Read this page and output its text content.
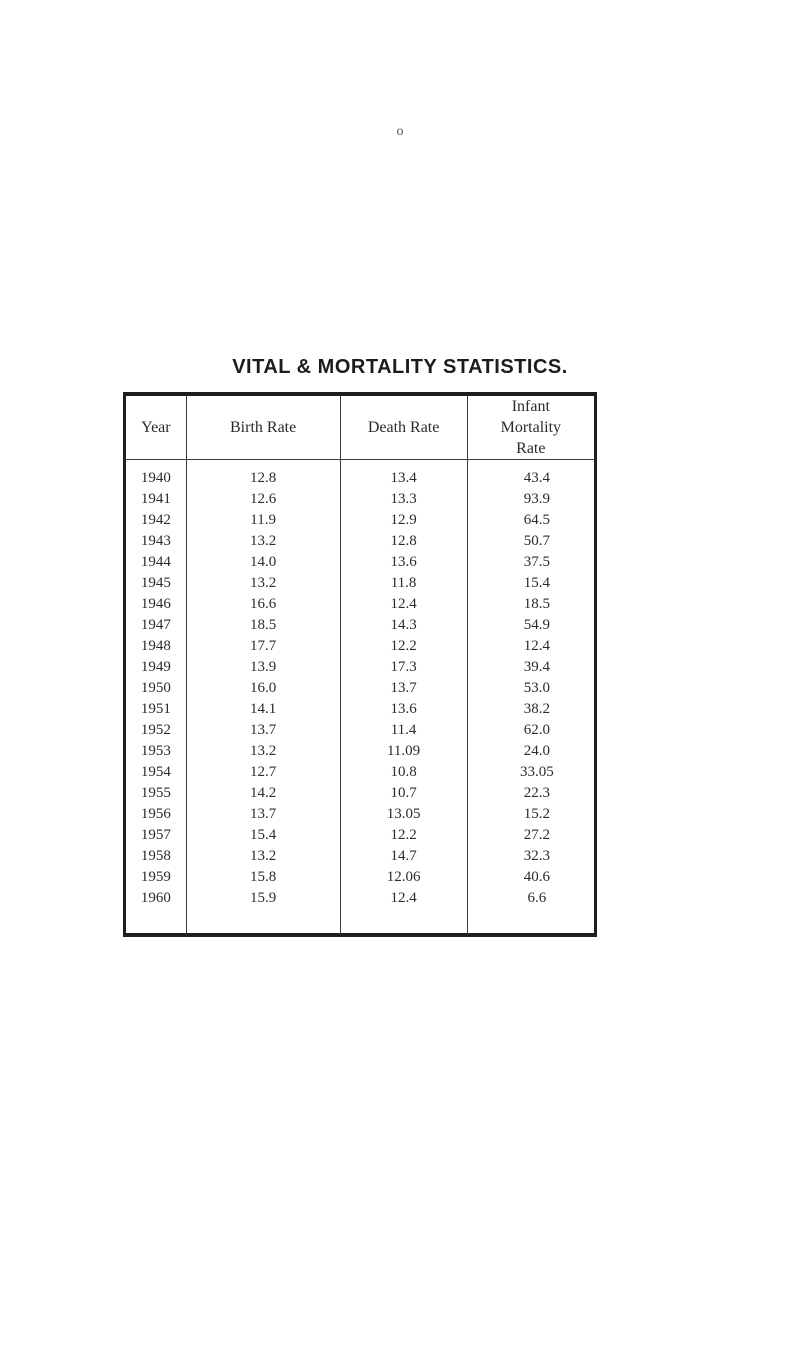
o
VITAL & MORTALITY STATISTICS.
Year	Birth Rate	Death Rate	Infant
Mortality
Rate
1940	12.8	13.4	43.4
1941	12.6	13.3	93.9
1942	11.9	12.9	64.5
1943	13.2	12.8	50.7
1944	14.0	13.6	37.5
1945	13.2	11.8	15.4
1946	16.6	12.4	18.5
1947	18.5	14.3	54.9
1948	17.7	12.2	12.4
1949	13.9	17.3	39.4
1950	16.0	13.7	53.0
1951	14.1	13.6	38.2
1952	13.7	11.4	62.0
1953	13.2	11.09	24.0
1954	12.7	10.8	33.05
1955	14.2	10.7	22.3
1956	13.7	13.05	15.2
1957	15.4	12.2	27.2
1958	13.2	14.7	32.3
1959	15.8	12.06	40.6
1960	15.9	12.4	6.6
